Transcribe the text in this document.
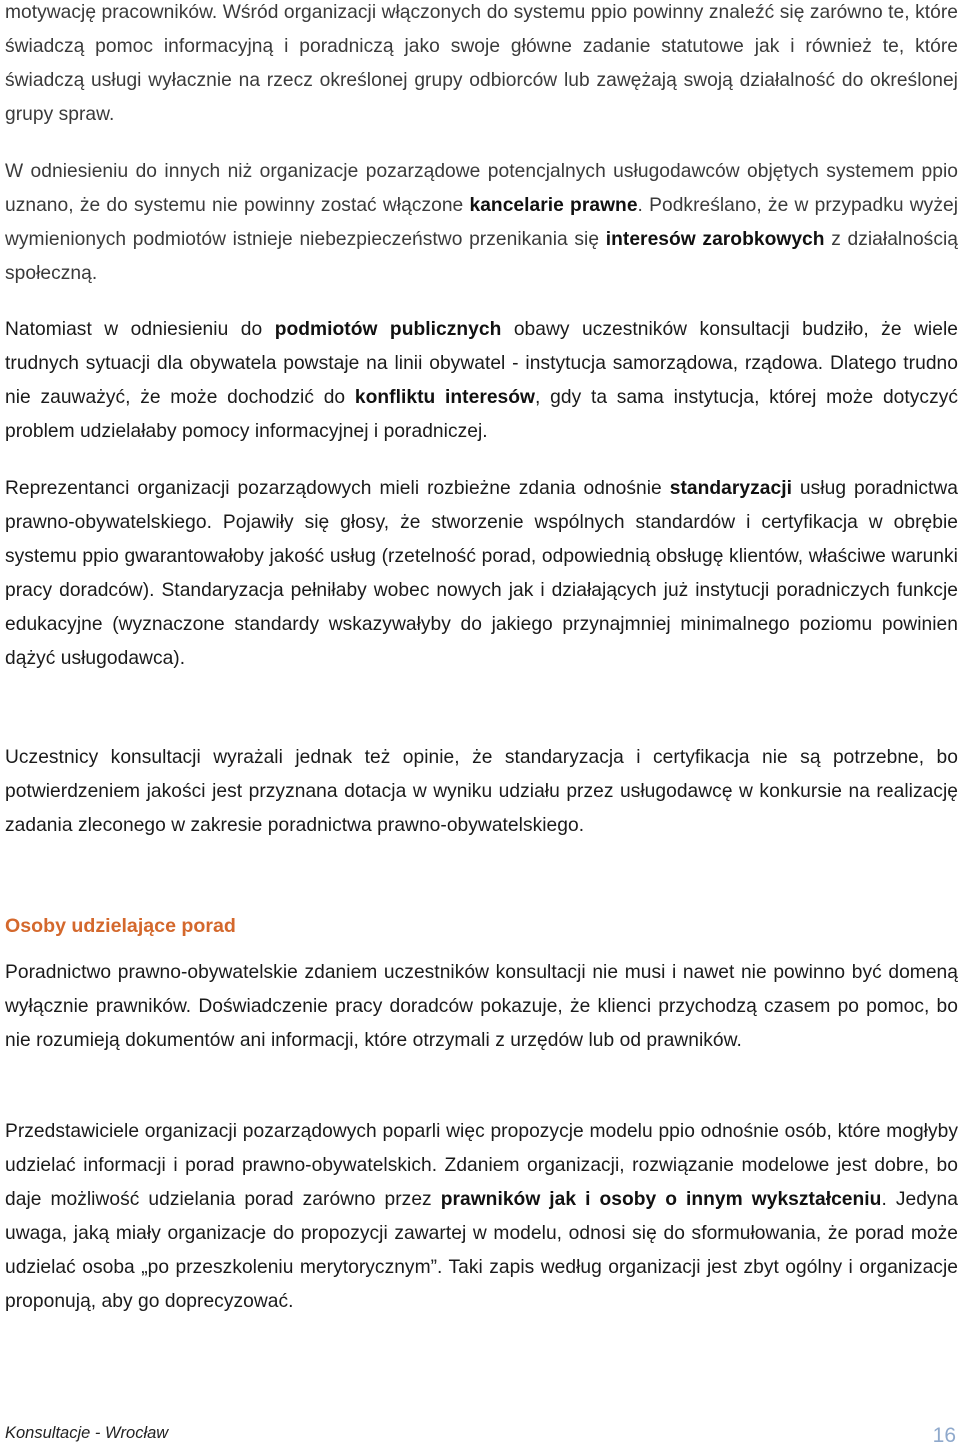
motywację pracowników. Wśród organizacji włączonych do systemu ppio powinny znaleźć się zarówno te, które świadczą pomoc informacyjną i poradniczą jako swoje główne zadanie statutowe jak i również te, które świadczą usługi wyłacznie na rzecz określonej grupy odbiorców lub zawężają swoją działalność do określonej grupy spraw.

W odniesieniu do innych niż organizacje pozarządowe potencjalnych usługodawców objętych systemem ppio uznano, że do systemu nie powinny zostać włączone kancelarie prawne. Podkreślano, że w przypadku wyżej wymienionych podmiotów istnieje niebezpieczeństwo przenikania się interesów zarobkowych z działalnością społeczną.

Natomiast w odniesieniu do podmiotów publicznych obawy uczestników konsultacji budziło, że wiele trudnych sytuacji dla obywatela powstaje na linii obywatel - instytucja samorządowa, rządowa. Dlatego trudno nie zauważyć, że może dochodzić do konfliktu interesów, gdy ta sama instytucja, której może dotyczyć problem udzielałaby pomocy informacyjnej i poradniczej.

Reprezentanci organizacji pozarządowych mieli rozbieżne zdania odnośnie standaryzacji usług poradnictwa prawno-obywatelskiego. Pojawiły się głosy, że stworzenie wspólnych standardów i certyfikacja w obrębie systemu ppio gwarantowałoby jakość usług (rzetelność porad, odpowiednią obsługę klientów, właściwe warunki pracy doradców). Standaryzacja pełniłaby wobec nowych jak i działających już instytucji poradniczych funkcje edukacyjne (wyznaczone standardy wskazywałyby do jakiego przynajmniej minimalnego poziomu powinien dążyć usługodawca).

Uczestnicy konsultacji wyrażali jednak też opinie, że standaryzacja i certyfikacja nie są potrzebne, bo potwierdzeniem jakości jest przyznana dotacja w wyniku udziału przez usługodawcę w konkursie na realizację zadania zleconego w zakresie poradnictwa prawno-obywatelskiego.

Osoby udzielające porad

Poradnictwo prawno-obywatelskie zdaniem uczestników konsultacji nie musi i nawet nie powinno być domeną wyłącznie prawników. Doświadczenie pracy doradców pokazuje, że klienci przychodzą czasem po pomoc, bo nie rozumieją dokumentów ani informacji, które otrzymali z urzędów lub od prawników.

Przedstawiciele organizacji pozarządowych poparli więc propozycje modelu ppio odnośnie osób, które mogłyby udzielać informacji i porad prawno-obywatelskich. Zdaniem organizacji, rozwiązanie modelowe jest dobre, bo daje możliwość udzielania porad zarówno przez prawników jak i osoby o innym wykształceniu. Jedyna uwaga, jaką miały organizacje do propozycji zawartej w modelu, odnosi się do sformułowania, że porad może udzielać osoba „po przeszkoleniu merytorycznym”. Taki zapis według organizacji jest zbyt ogólny i organizacje proponują, aby go doprecyzować.

Konsultacje - Wrocław	16
